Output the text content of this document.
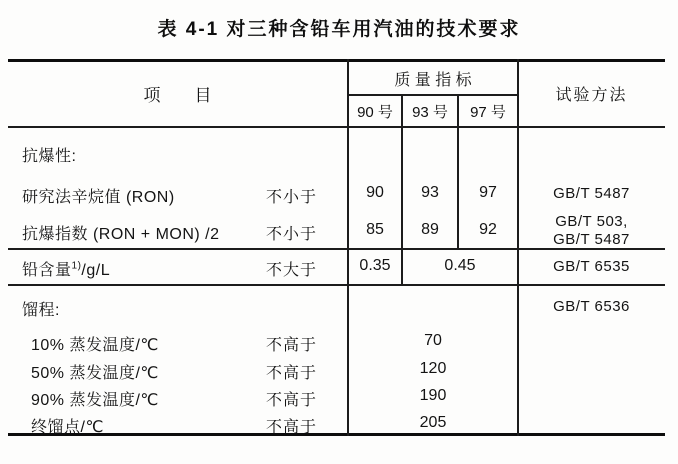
表 4-1 对三种含铅车用汽油的技术要求
项　　目
质 量 指 标
90 号	93 号	97 号
试验方法
抗爆性:
研究法辛烷值 (RON)	不小于	90	93	97	GB/T 5487
抗爆指数 (RON + MON) /2	不小于	85	89	92	GB/T 503,
GB/T 5487
铅含量$^{1)}$/g/L	不大于	0.35	0.45	GB/T 6535
馏程:	GB/T 6536
10% 蒸发温度/℃	不高于	70
50% 蒸发温度/℃	不高于	120
90% 蒸发温度/℃	不高于	190
终馏点/℃	不高于	205
